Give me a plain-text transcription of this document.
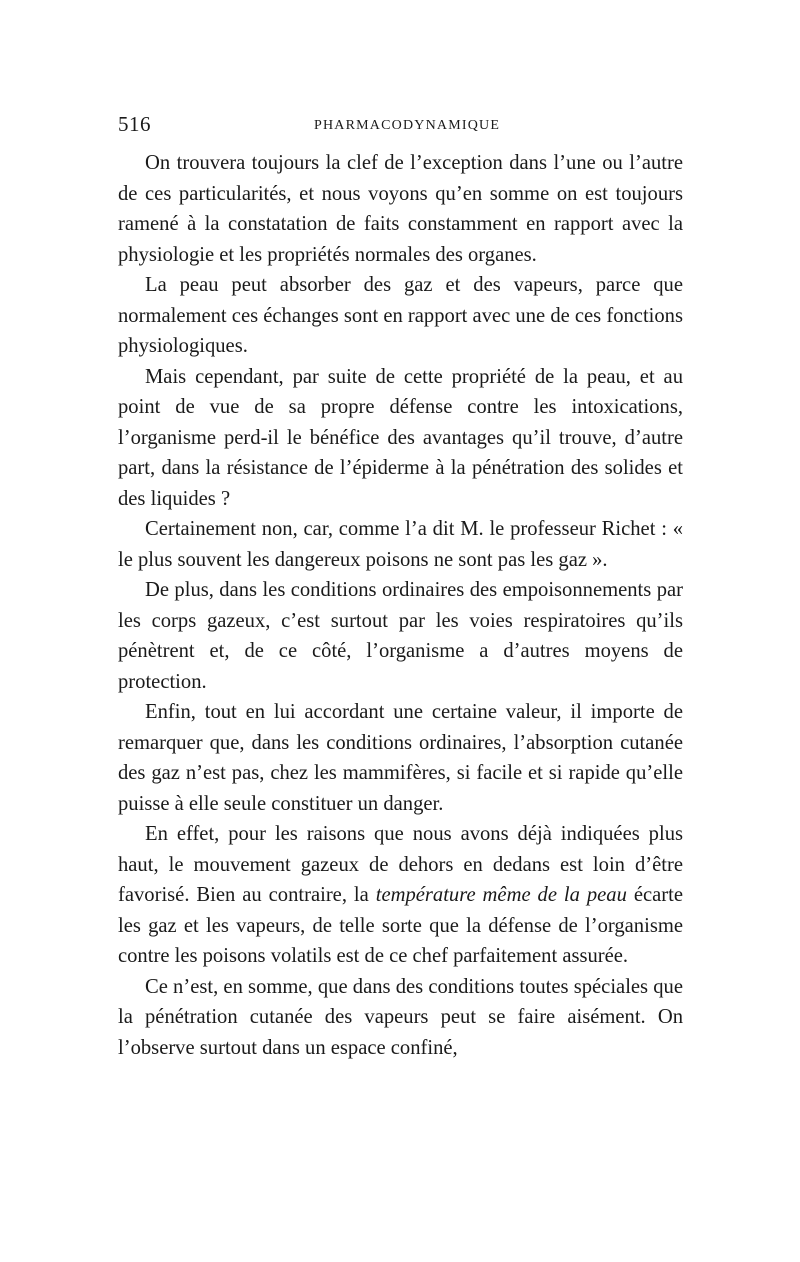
516	PHARMACODYNAMIQUE

On trouvera toujours la clef de l’exception dans l’une ou l’autre de ces particularités, et nous voyons qu’en somme on est toujours ramené à la constatation de faits constamment en rapport avec la physiologie et les propriétés normales des organes.

La peau peut absorber des gaz et des vapeurs, parce que normalement ces échanges sont en rapport avec une de ces fonctions physiologiques.

Mais cependant, par suite de cette propriété de la peau, et au point de vue de sa propre défense contre les intoxications, l’organisme perd-il le bénéfice des avantages qu’il trouve, d’autre part, dans la résistance de l’épiderme à la pénétration des solides et des liquides ?

Certainement non, car, comme l’a dit M. le professeur Richet : « le plus souvent les dangereux poisons ne sont pas les gaz ».

De plus, dans les conditions ordinaires des empoisonnements par les corps gazeux, c’est surtout par les voies respiratoires qu’ils pénètrent et, de ce côté, l’organisme a d’autres moyens de protection.

Enfin, tout en lui accordant une certaine valeur, il importe de remarquer que, dans les conditions ordinaires, l’absorption cutanée des gaz n’est pas, chez les mammifères, si facile et si rapide qu’elle puisse à elle seule constituer un danger.

En effet, pour les raisons que nous avons déjà indiquées plus haut, le mouvement gazeux de dehors en dedans est loin d’être favorisé. Bien au contraire, la température même de la peau écarte les gaz et les vapeurs, de telle sorte que la défense de l’organisme contre les poisons volatils est de ce chef parfaitement assurée.

Ce n’est, en somme, que dans des conditions toutes spéciales que la pénétration cutanée des vapeurs peut se faire aisément. On l’observe surtout dans un espace confiné,
